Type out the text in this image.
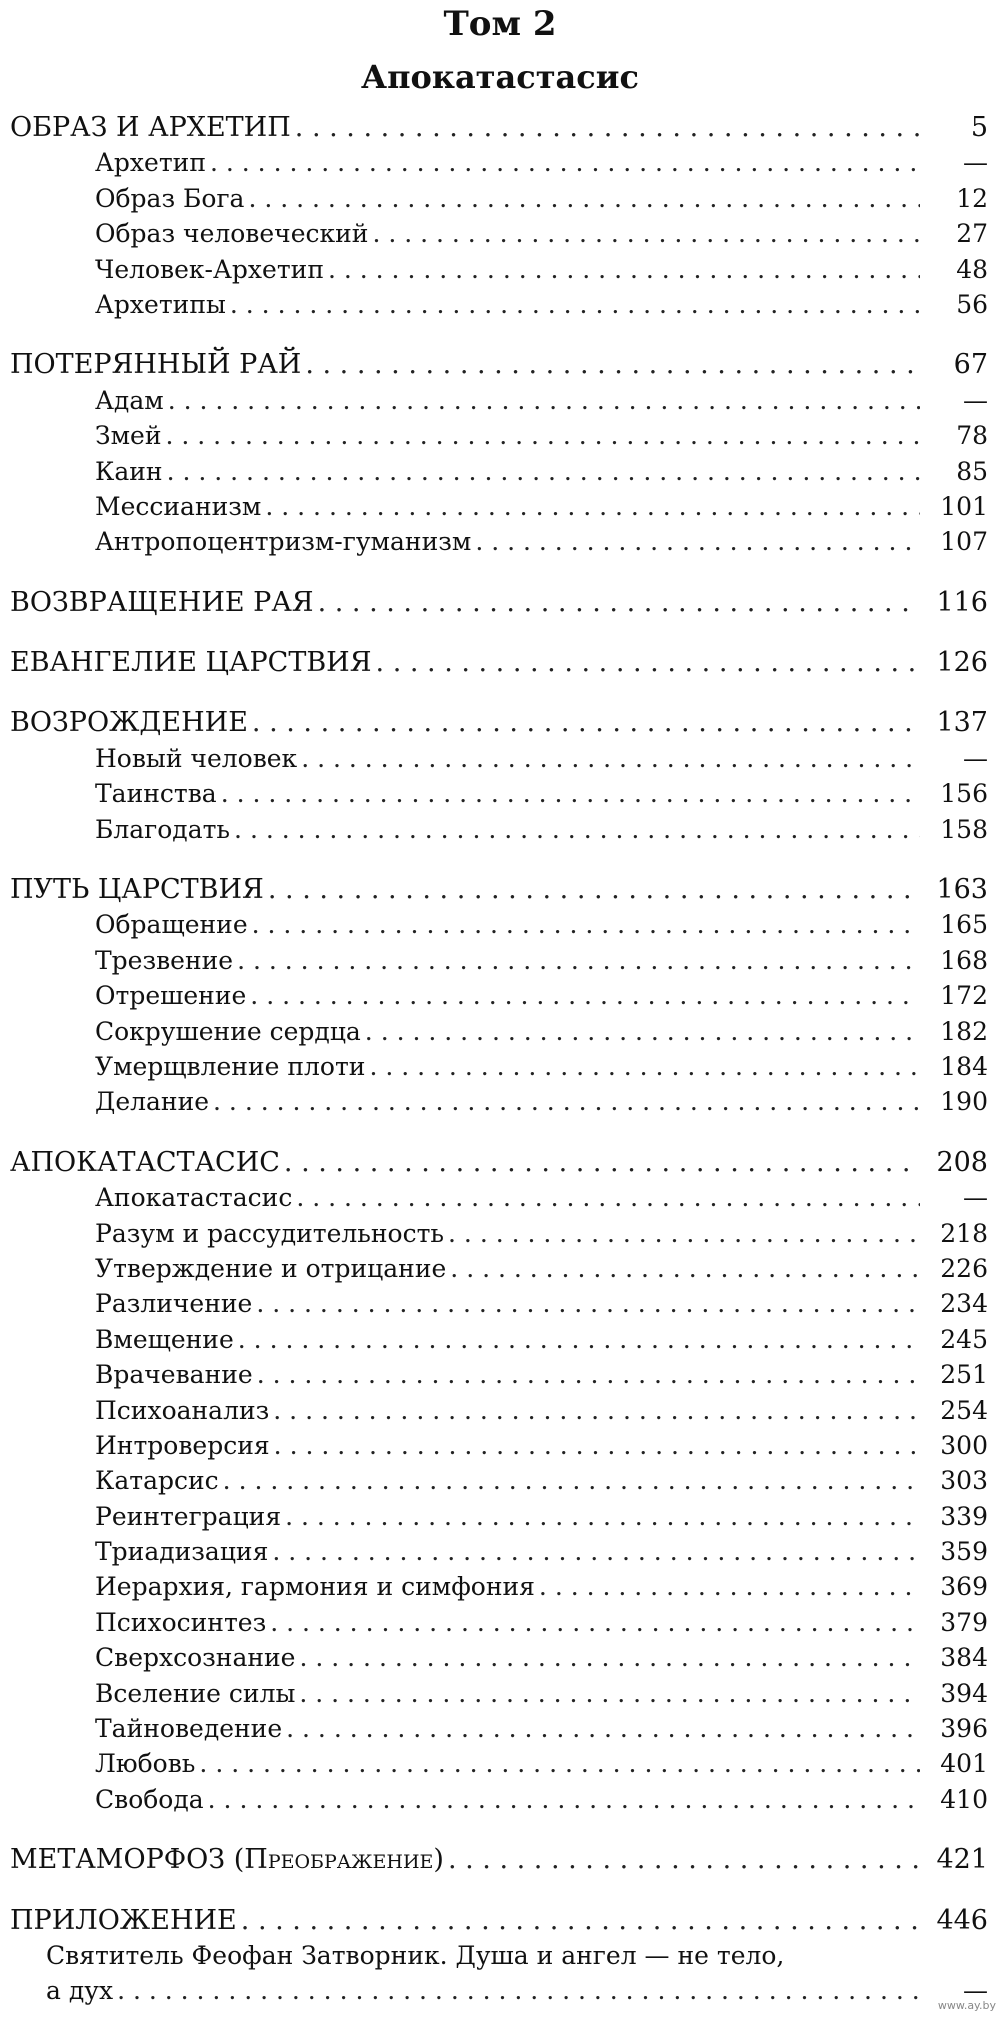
Том 2
Апокатастасис
ОБРАЗ И АРХЕТИП . . .	5
Архетип . . .	—
Образ Бога . . .	12
Образ человеческий . . .	27
Человек-Архетип . . .	48
Архетипы . . .	56
ПОТЕРЯННЫЙ РАЙ . . .	67
Адам . . .	—
Змей . . .	78
Каин . . .	85
Мессианизм . . .	101
Антропоцентризм-гуманизм . . .	107
ВОЗВРАЩЕНИЕ РАЯ . . .	116
ЕВАНГЕЛИЕ ЦАРСТВИЯ . . .	126
ВОЗРОЖДЕНИЕ . . .	137
Новый человек . . .	—
Таинства . . .	156
Благодать . . .	158
ПУТЬ ЦАРСТВИЯ . . .	163
Обращение . . .	165
Трезвение . . .	168
Отрешение . . .	172
Сокрушение сердца . . .	182
Умерщвление плоти . . .	184
Делание . . .	190
АПОКАТАСТАСИС . . .	208
Апокатастасис . . .	—
Разум и рассудительность . . .	218
Утверждение и отрицание . . .	226
Различение . . .	234
Вмещение . . .	245
Врачевание . . .	251
Психоанализ . . .	254
Интроверсия . . .	300
Катарсис . . .	303
Реинтеграция . . .	339
Триадизация . . .	359
Иерархия, гармония и симфония . . .	369
Психосинтез . . .	379
Сверхсознание . . .	384
Вселение силы . . .	394
Тайноведение . . .	396
Любовь . . .	401
Свобода . . .	410
МЕТАМОРФОЗ (Преображение) . . .	421
ПРИЛОЖЕНИЕ . . .	446
Святитель Феофан Затворник. Душа и ангел — не тело,
а дух . . .	—
www.ay.by
